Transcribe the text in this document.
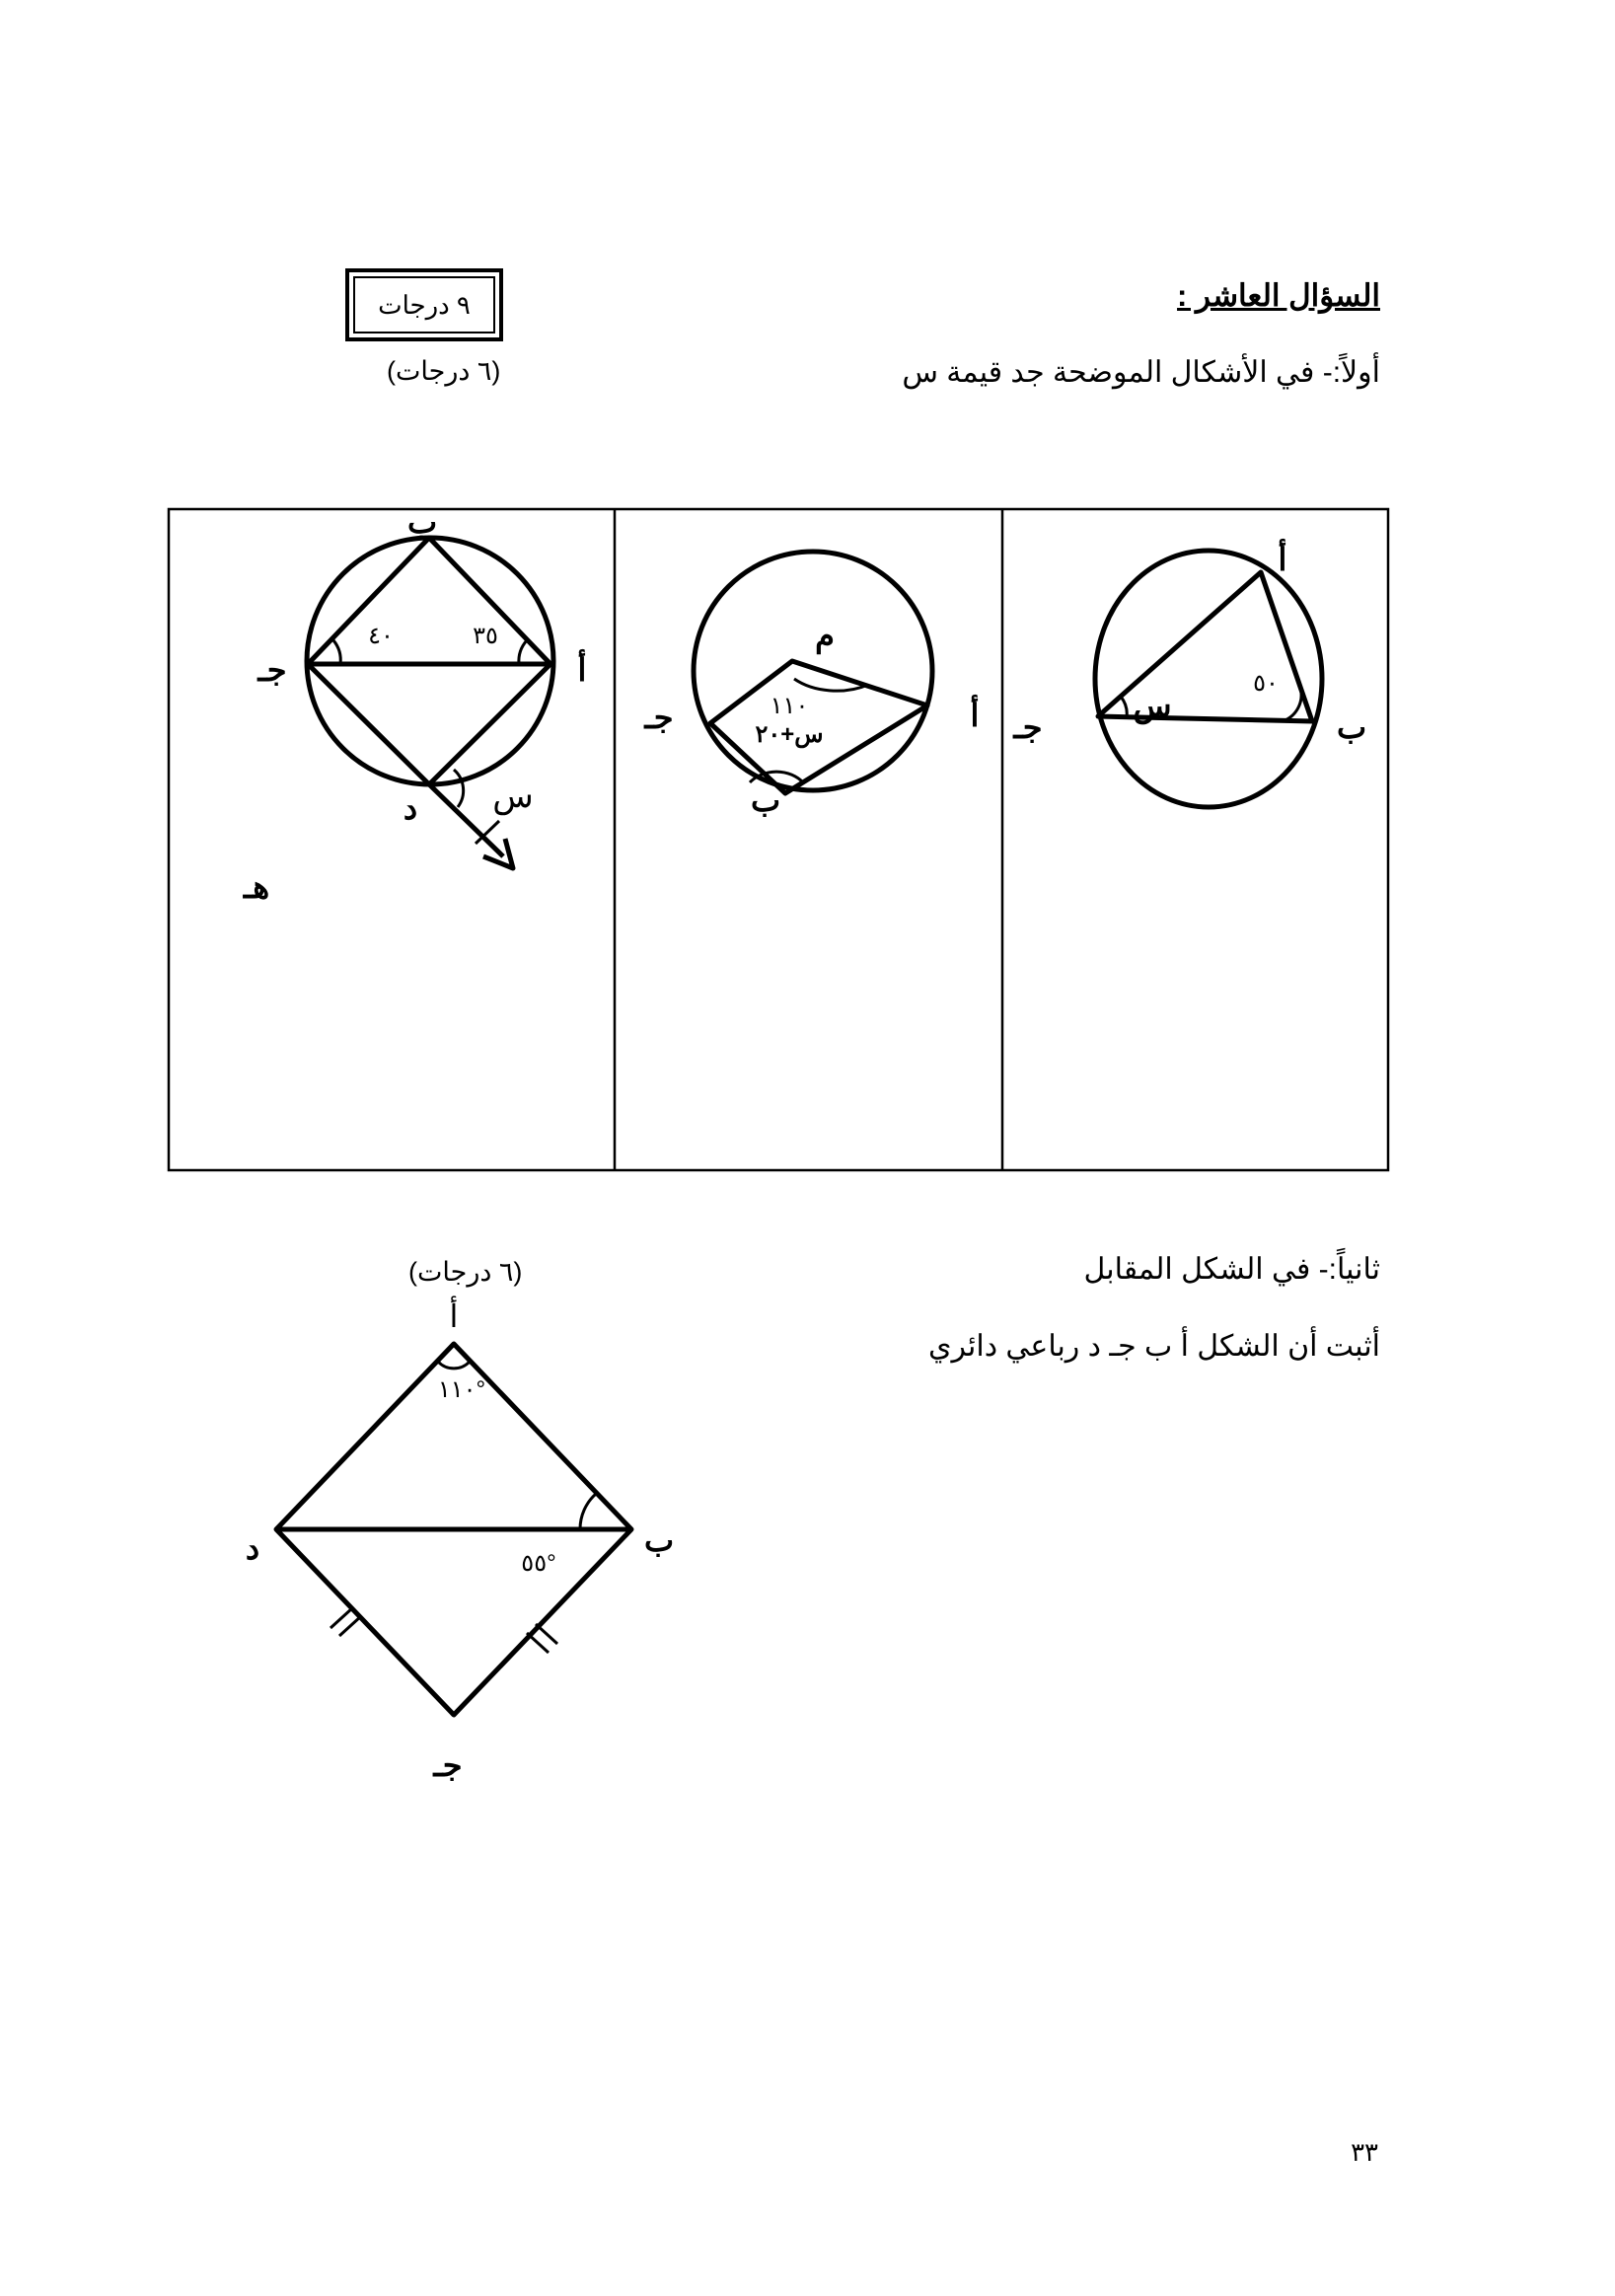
السؤال العاشر :
٩ درجات
أولاً:- في الأشكال الموضحة جد قيمة س
(٦ درجات)
أ
ب
جـ
س
٥٠
م
أ
جـ
ب
١١٠
س+٢٠
ب
أ
جـ
د س
هـ
٤٠	٣٥
أ
ب
د
جـ
١١٠°
٥٥°
ثانياً:- في الشكل المقابل
أثبت أن الشكل أ ب جـ د رباعي دائري
(٦ درجات)
٣٣
